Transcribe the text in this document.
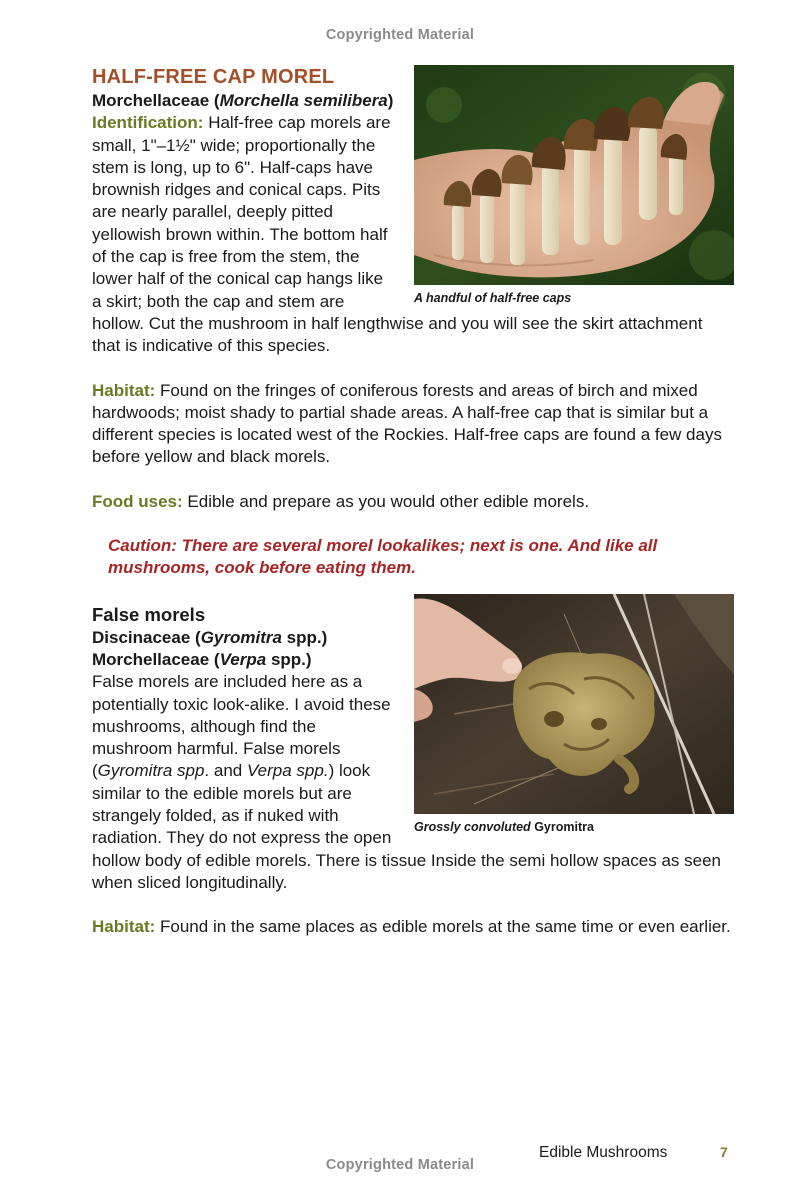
Copyrighted Material
A handful of half-free caps
HALF-FREE CAP MOREL

Morchellaceae (Morchella semilibera)

Identification: Half-free cap morels are small, 1"–1½" wide; proportionally the stem is long, up to 6". Half-caps have brownish ridges and conical caps. Pits are nearly parallel, deeply pitted yellowish brown within. The bottom half of the cap is free from the stem, the lower half of the conical cap hangs like a skirt; both the cap and stem are hollow. Cut the mushroom in half lengthwise and you will see the skirt attachment that is indicative of this species.

Habitat: Found on the fringes of coniferous forests and areas of birch and mixed hardwoods; moist shady to partial shade areas. A half-free cap that is similar but a different species is located west of the Rockies. Half-free caps are found a few days before yellow and black morels.

Food uses: Edible and prepare as you would other edible morels.

Caution: There are several morel lookalikes; next is one. And like all mushrooms, cook before eating them.

Grossly convoluted Gyromitra
False morels

Discinaceae (Gyromitra spp.)

Morchellaceae (Verpa spp.)

False morels are included here as a potentially toxic look-alike. I avoid these mushrooms, although find the mushroom harmful. False morels (Gyromitra spp. and Verpa spp.) look similar to the edible morels but are strangely folded, as if nuked with radiation. They do not express the open hollow body of edible morels. There is tissue Inside the semi hollow spaces as seen when sliced longitudinally.

Habitat: Found in the same places as edible morels at the same time or even earlier.

Edible Mushrooms	7
Copyrighted Material
